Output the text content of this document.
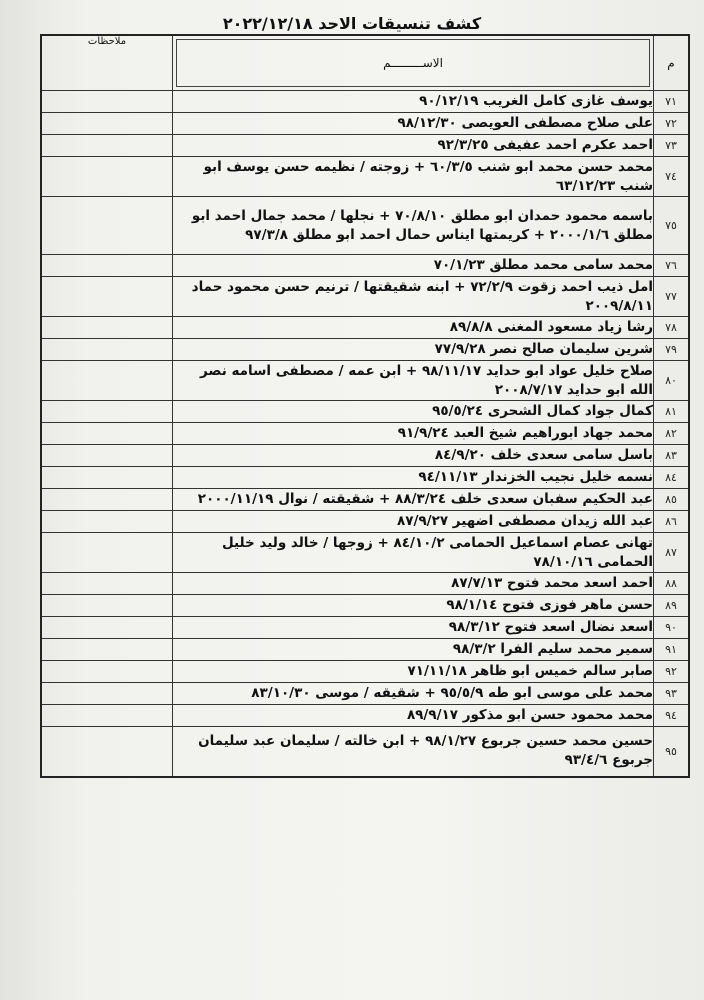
كشف تنسيقات الاحد ٢٠٢٢/١٢/١٨
م	الاســـــــــم	ملاحظات
٧١	يوسف غازى كامل الغريب ٩٠/١٢/١٩	
٧٢	على صلاح مصطفى العويصى ٩٨/١٢/٣٠	
٧٣	احمد عكرم احمد عفيفى ٩٢/٣/٢٥	
٧٤	محمد حسن محمد ابو شنب ٦٠/٣/٥ + زوجته / نظيمه حسن يوسف ابو شنب ٦٣/١٢/٢٣	
٧٥	باسمه محمود حمدان ابو مطلق ٧٠/٨/١٠ + نجلها / محمد جمال احمد ابو مطلق ٢٠٠٠/١/٦ + كريمتها ايناس حمال احمد ابو مطلق ٩٧/٣/٨	
٧٦	محمد سامى محمد مطلق ٧٠/١/٢٣	
٧٧	امل ذيب احمد زقوت ٧٢/٢/٩ + ابنه شقيقتها / ترنيم حسن محمود حماد ٢٠٠٩/٨/١١	
٧٨	رشا زياد مسعود المغنى ٨٩/٨/٨	
٧٩	شرين سليمان صالح نصر ٧٧/٩/٢٨	
٨٠	صلاح خليل عواد ابو حدايد ٩٨/١١/١٧ + ابن عمه / مصطفى اسامه نصر الله ابو حدايد ٢٠٠٨/٧/١٧	
٨١	كمال جواد كمال الشحرى ٩٥/٥/٢٤	
٨٢	محمد جهاد ابوراهيم شيخ العبد ٩١/٩/٢٤	
٨٣	باسل سامى سعدى خلف ٨٤/٩/٢٠	
٨٤	نسمه خليل نجيب الخزندار ٩٤/١١/١٣	
٨٥	عبد الحكيم سفبان سعدى خلف ٨٨/٣/٢٤ + شقيقته / نوال ٢٠٠٠/١١/١٩	
٨٦	عبد الله زيدان مصطفى اضهير ٨٧/٩/٢٧	
٨٧	تهانى عصام اسماعيل الحمامى ٨٤/١٠/٢ + زوجها / خالد وليد خليل الحمامى ٧٨/١٠/١٦	
٨٨	احمد اسعد محمد فتوح ٨٧/٧/١٣	
٨٩	حسن ماهر فوزى فتوح ٩٨/١/١٤	
٩٠	اسعد نضال اسعد فتوح ٩٨/٣/١٢	
٩١	سمير محمد سليم الفرا ٩٨/٣/٢	
٩٢	صابر سالم خميس ابو ظاهر ٧١/١١/١٨	
٩٣	محمد على موسى ابو طه ٩٥/٥/٩ + شقيقه / موسى ٨٣/١٠/٣٠	
٩٤	محمد محمود حسن ابو مذكور ٨٩/٩/١٧	
٩٥	حسين محمد حسين جربوع ٩٨/١/٢٧ + ابن خالته / سليمان عبد سليمان جربوع ٩٣/٤/٦	
